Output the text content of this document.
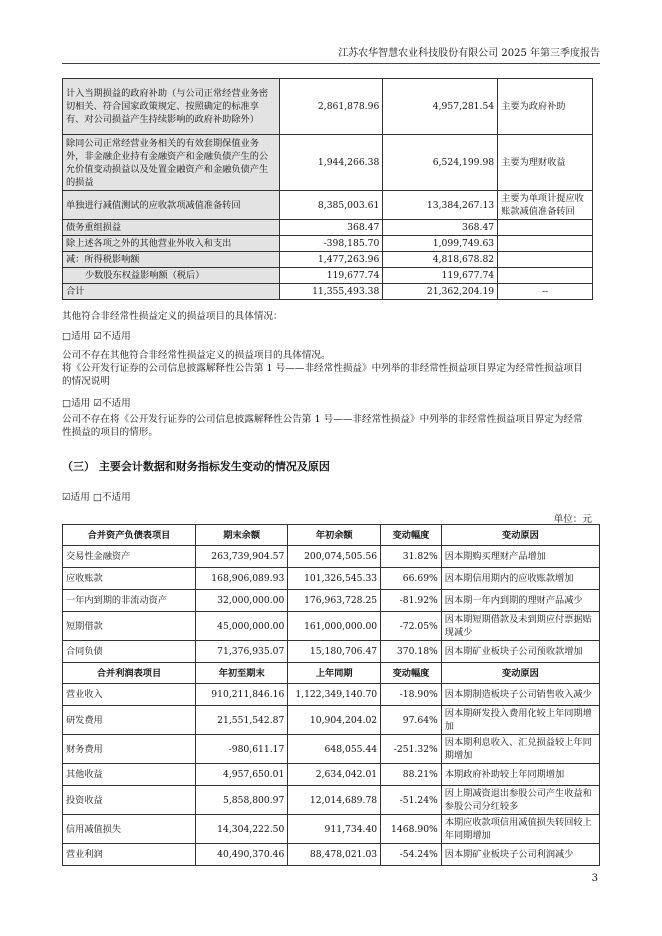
江苏农华智慧农业科技股份有限公司 2025 年第三季度报告
计入当期损益的政府补助（与公司正常经营业务密切相关、符合国家政策规定、按照确定的标准享有、对公司损益产生持续影响的政府补助除外）	2,861,878.96	4,957,281.54	主要为政府补助
除同公司正常经营业务相关的有效套期保值业务外，非金融企业持有金融资产和金融负债产生的公允价值变动损益以及处置金融资产和金融负债产生的损益	1,944,266.38	6,524,199.98	主要为理财收益
单独进行减值测试的应收款项减值准备转回	8,385,003.61	13,384,267.13	主要为单项计提应收账款减值准备转回
债务重组损益	368.47	368.47	
除上述各项之外的其他营业外收入和支出	-398,185.70	1,099,749.63	
减：所得税影响额	1,477,263.96	4,818,678.82	
少数股东权益影响额（税后）	119,677.74	119,677.74	
合计	11,355,493.38	21,362,204.19	--
其他符合非经常性损益定义的损益项目的具体情况：
□适用 ☑不适用
公司不存在其他符合非经常性损益定义的损益项目的具体情况。
将《公开发行证券的公司信息披露解释性公告第 1 号——非经常性损益》中列举的非经常性损益项目界定为经常性损益项目的情况说明
□适用 ☑不适用
公司不存在将《公开发行证券的公司信息披露解释性公告第 1 号——非经常性损益》中列举的非经常性损益项目界定为经常性损益的项目的情形。
（三） 主要会计数据和财务指标发生变动的情况及原因
☑适用 □不适用
单位：元
合并资产负债表项目	期末余额	年初余额	变动幅度	变动原因
交易性金融资产	263,739,904.57	200,074,505.56	31.82%	因本期购买理财产品增加
应收账款	168,906,089.93	101,326,545.33	66.69%	因本期信用期内的应收账款增加
一年内到期的非流动资产	32,000,000.00	176,963,728.25	-81.92%	因本期一年内到期的理财产品减少
短期借款	45,000,000.00	161,000,000.00	-72.05%	因本期短期借款及未到期应付票据贴现减少
合同负债	71,376,935.07	15,180,706.47	370.18%	因本期矿业板块子公司预收款增加
合并利润表项目	年初至期末	上年同期	变动幅度	变动原因
营业收入	910,211,846.16	1,122,349,140.70	-18.90%	因本期制造板块子公司销售收入减少
研发费用	21,551,542.87	10,904,204.02	97.64%	因本期研发投入费用化较上年同期增加
财务费用	-980,611.17	648,055.44	-251.32%	因本期利息收入、汇兑损益较上年同期增加
其他收益	4,957,650.01	2,634,042.01	88.21%	本期政府补助较上年同期增加
投资收益	5,858,800.97	12,014,689.78	-51.24%	因上期减资退出参股公司产生收益和参股公司分红较多
信用减值损失	14,304,222.50	911,734.40	1468.90%	本期应收款项信用减值损失转回较上年同期增加
营业利润	40,490,370.46	88,478,021.03	-54.24%	因本期矿业板块子公司利润减少
3
